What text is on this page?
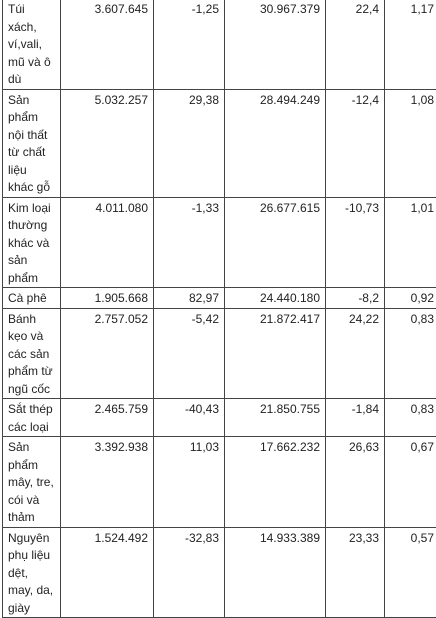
Túi xách, ví,vali, mũ và ô dù	3.607.645	-1,25	30.967.379	22,4	1,17
Sản phẩm nội thất từ chất liệu khác gỗ	5.032.257	29,38	28.494.249	-12,4	1,08
Kim loại thường khác và sản phẩm	4.011.080	-1,33	26.677.615	-10,73	1,01
Cà phê	1.905.668	82,97	24.440.180	-8,2	0,92
Bánh kẹo và các sản phẩm từ ngũ cốc	2.757.052	-5,42	21.872.417	24,22	0,83
Sắt thép các loại	2.465.759	-40,43	21.850.755	-1,84	0,83
Sản phẩm mây, tre, cói và thảm	3.392.938	11,03	17.662.232	26,63	0,67
Nguyên phụ liệu dệt, may, da, giày	1.524.492	-32,83	14.933.389	23,33	0,57
